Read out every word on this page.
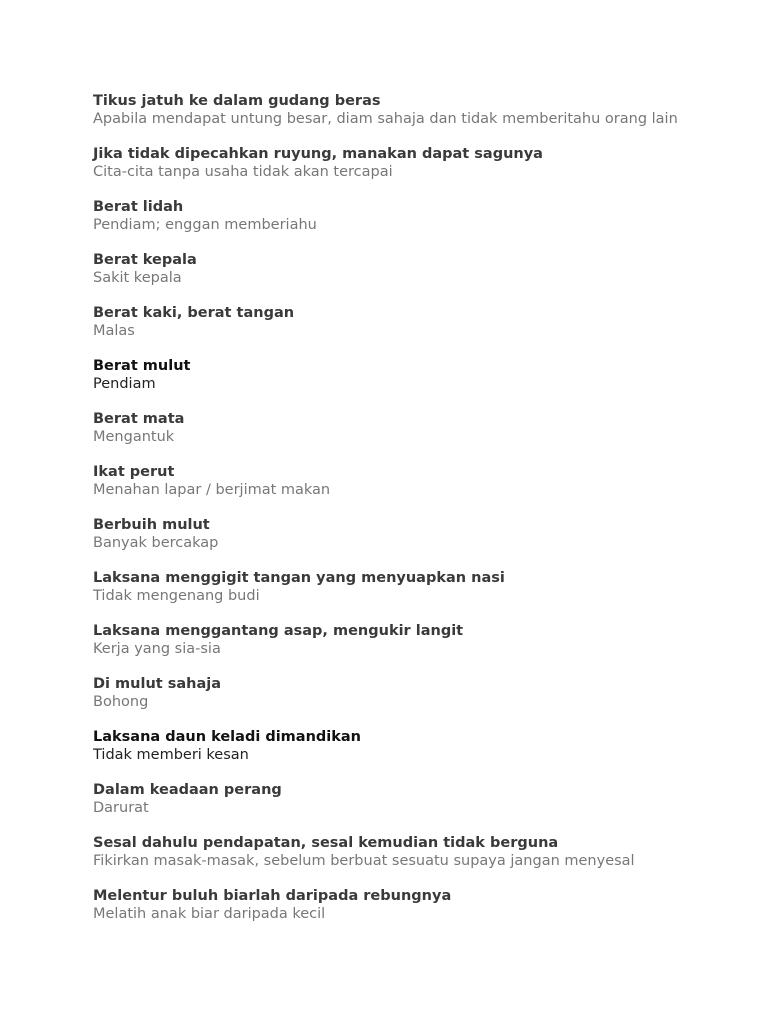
Tikus jatuh ke dalam gudang beras
Apabila mendapat untung besar, diam sahaja dan tidak memberitahu orang lain
Jika tidak dipecahkan ruyung, manakan dapat sagunya
Cita-cita tanpa usaha tidak akan tercapai
Berat lidah
Pendiam; enggan memberiahu
Berat kepala
Sakit kepala
Berat kaki, berat tangan
Malas
Berat mulut
Pendiam
Berat mata
Mengantuk
Ikat perut
Menahan lapar / berjimat makan
Berbuih mulut
Banyak bercakap
Laksana menggigit tangan yang menyuapkan nasi
Tidak mengenang budi
Laksana menggantang asap, mengukir langit
Kerja yang sia-sia
Di mulut sahaja
Bohong
Laksana daun keladi dimandikan
Tidak memberi kesan
Dalam keadaan perang
Darurat
Sesal dahulu pendapatan, sesal kemudian tidak berguna
Fikirkan masak-masak, sebelum berbuat sesuatu supaya jangan menyesal
Melentur buluh biarlah daripada rebungnya
Melatih anak biar daripada kecil
